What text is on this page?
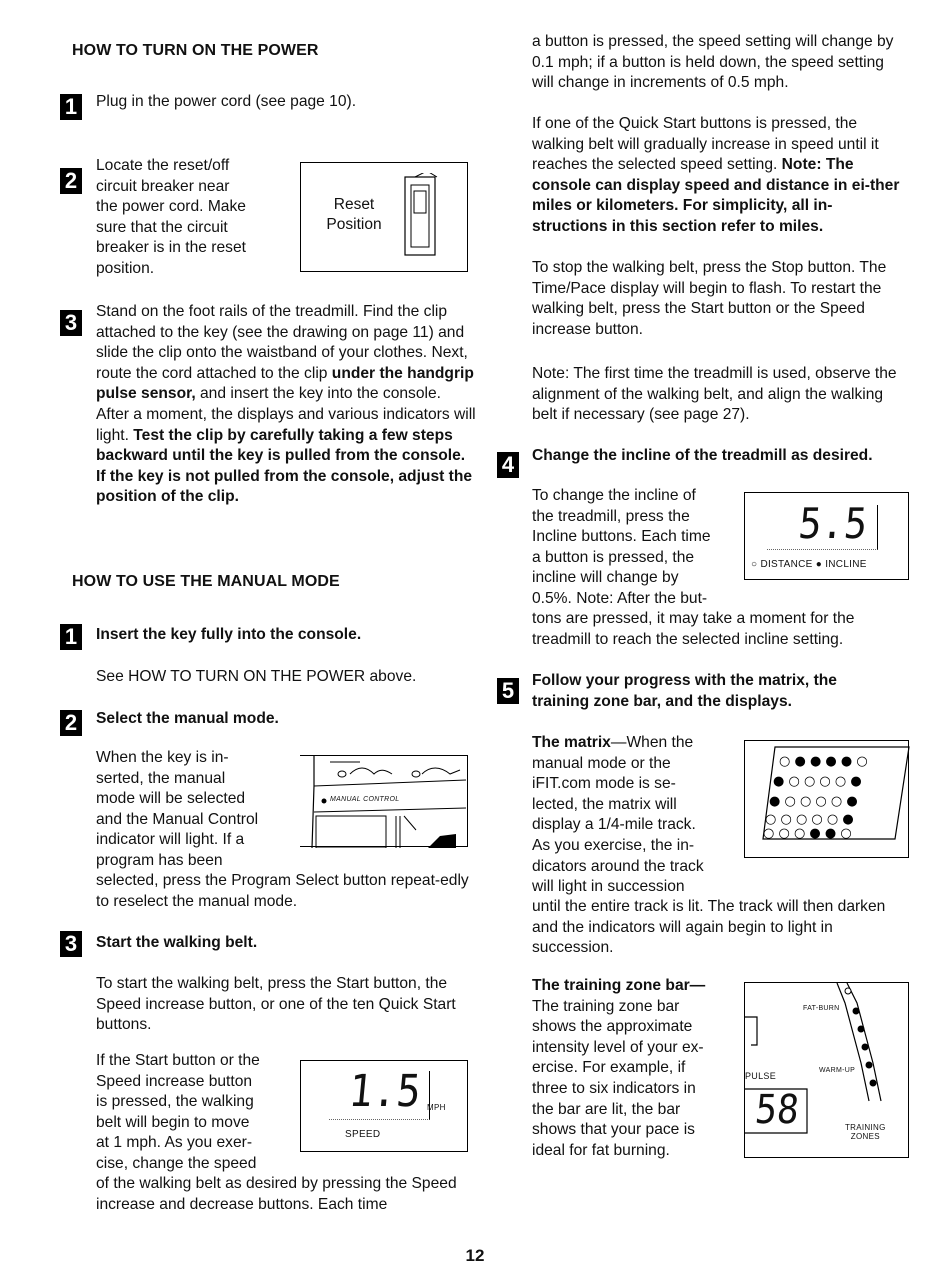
HOW TO TURN ON THE POWER
1	Plug in the power cord (see page 10).
2
Locate the reset/off
circuit breaker near
the power cord. Make
sure that the circuit
breaker is in the reset
position.
Reset
Position
3	Stand on the foot rails of the treadmill. Find the clip attached to the key (see the drawing on page 11) and slide the clip onto the waistband of your clothes. Next, route the cord attached to the clip under the handgrip pulse sensor, and insert the key into the console. After a moment, the displays and various indicators will light. Test the clip by carefully taking a few steps backward until the key is pulled from the console. If the key is not pulled from the console, adjust the position of the clip.
HOW TO USE THE MANUAL MODE
1	Insert the key fully into the console.
See HOW TO TURN ON THE POWER above.
2	Select the manual mode.
When the key is in-
serted, the manual
mode will be selected
and the Manual Control
indicator will light. If a
program has been
selected, press the Program Select button repeat-edly to reselect the manual mode.
MANUAL CONTROL
3	Start the walking belt.
To start the walking belt, press the Start button, the Speed increase button, or one of the ten Quick Start buttons.
If the Start button or the
Speed increase button
is pressed, the walking
belt will begin to move
at 1 mph. As you exer-
cise, change the speed
of the walking belt as desired by pressing the Speed increase and decrease buttons. Each time
1.5 MPH
SPEED
a button is pressed, the speed setting will change by 0.1 mph; if a button is held down, the speed setting will change in increments of 0.5 mph.
If one of the Quick Start buttons is pressed, the walking belt will gradually increase in speed until it reaches the selected speed setting. Note: The console can display speed and distance in ei-ther miles or kilometers. For simplicity, all in-structions in this section refer to miles.
To stop the walking belt, press the Stop button. The Time/Pace display will begin to flash. To restart the walking belt, press the Start button or the Speed increase button.
Note: The first time the treadmill is used, observe the alignment of the walking belt, and align the walking belt if necessary (see page 27).
4	Change the incline of the treadmill as desired.
To change the incline of
the treadmill, press the
Incline buttons. Each time
a button is pressed, the
incline will change by
0.5%. Note: After the but-
tons are pressed, it may take a moment for the treadmill to reach the selected incline setting.
5.5
○ DISTANCE ● INCLINE
5	Follow your progress with the matrix, the training zone bar, and the displays.
The matrix—When the
manual mode or the
iFIT.com mode is se-
lected, the matrix will
display a 1/4-mile track.
As you exercise, the in-
dicators around the track
will light in succession
until the entire track is lit. The track will then darken and the indicators will again begin to light in succession.
○ ● ● ● ● ○
● ○ ○ ○ ○ ●
● ○ ○ ○ ○ ●
○ ○ ○ ○ ○ ●
○ ○ ○ ● ● ○
The training zone bar—
The training zone bar
shows the approximate
intensity level of your ex-
ercise. For example, if
three to six indicators in
the bar are lit, the bar
shows that your pace is
ideal for fat burning.
FAT-BURN
WARM-UP
PULSE
58	TRAINING
ZONES
12
